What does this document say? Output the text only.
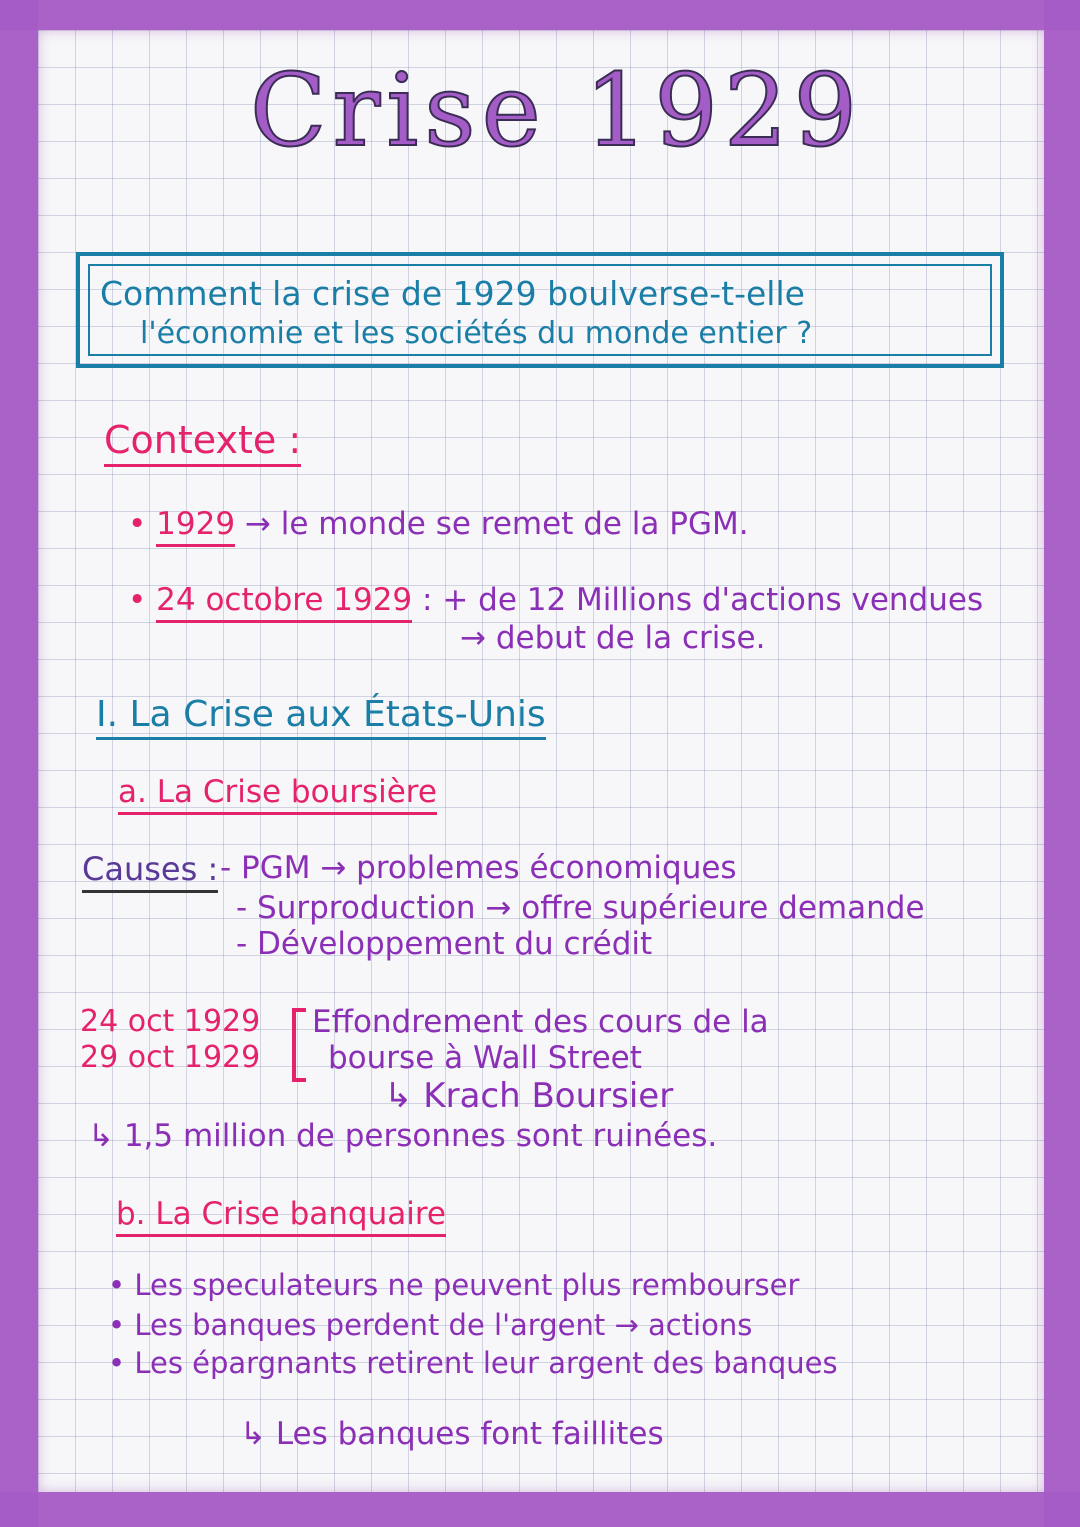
Crise 1929
Comment la crise de 1929 boulverse-t-elle
l'économie et les sociétés du monde entier ?
Contexte :
• 1929 → le monde se remet de la PGM.
• 24 octobre 1929 : + de 12 Millions d'actions vendues
→ debut de la crise.
I. La Crise aux États-Unis
a. La Crise boursière
Causes : - PGM → problemes économiques
- Surproduction → offre supérieure demande
- Développement du crédit
24 oct 1929
29 oct 1929
Effondrement des cours de la
bourse à Wall Street
↳ Krach Boursier
↳ 1,5 million de personnes sont ruinées.
b. La Crise banquaire
• Les speculateurs ne peuvent plus rembourser
• Les banques perdent de l'argent → actions
• Les épargnants retirent leur argent des banques
↳ Les banques font faillites
